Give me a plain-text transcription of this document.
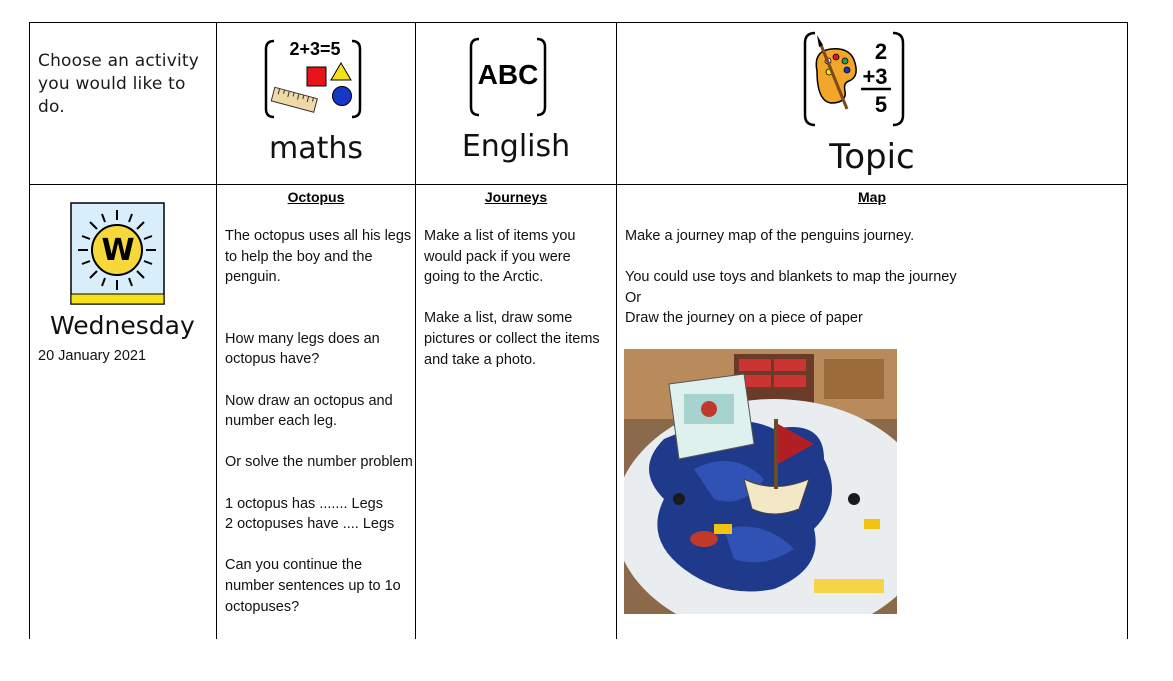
Choose an activity you would like to do.
2+3=5
maths
ABC
English
2
+3
5
Topic
W
Wednesday
20 January 2021
Octopus

The octopus uses all his legs to help the boy and the penguin.

How many legs does an octopus have?

Now draw an octopus and number each leg.

Or solve the number problem

1 octopus has ....... Legs

2 octopuses have .... Legs

Can you continue the number sentences up to 1o octopuses?

Journeys

Make a list of items you would pack if you were going to the Arctic.

Make a list, draw some pictures or collect the items and take a photo.

Map

Make a journey map of the penguins journey.

You could use toys and blankets to map the journey

Or

Draw the journey on a piece of paper
